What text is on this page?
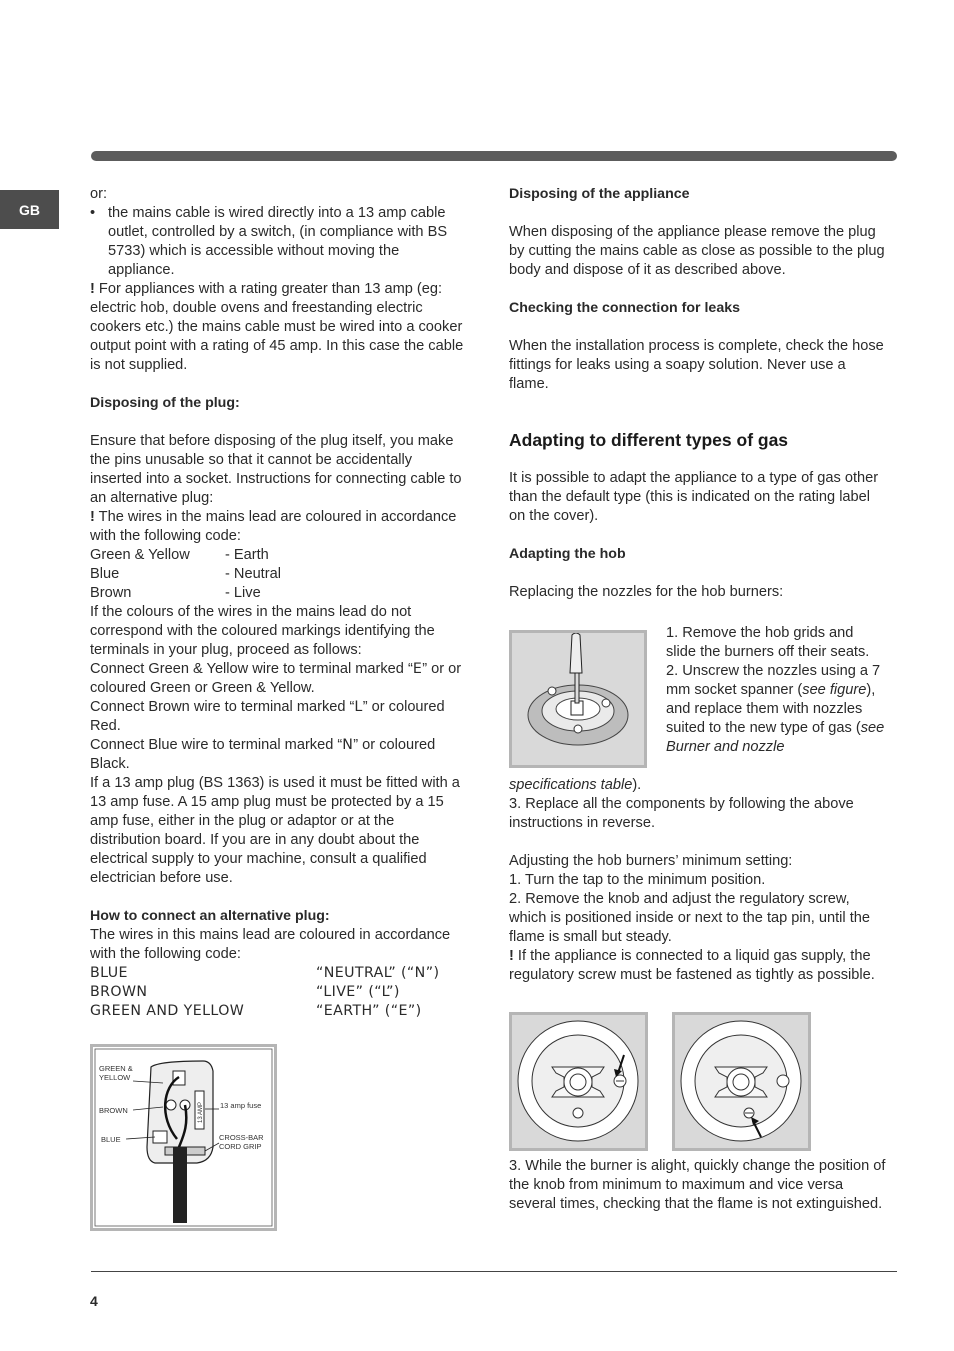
GB

or:

• the mains cable is wired directly into a 13 amp cable outlet, controlled by a switch, (in compliance with BS 5733) which is accessible without moving the appliance.

! For appliances with a rating greater than 13 amp (eg: electric hob, double ovens and freestanding electric cookers etc.) the mains cable must be wired into a cooker output point with a rating of 45 amp. In this case the cable is not supplied.

Disposing of the plug:

Ensure that before disposing of the plug itself, you make the pins unusable so that it cannot be accidentally inserted into a socket. Instructions for connecting cable to an alternative plug:

! The wires in the mains lead are coloured in accordance with the following code:

Green & Yellow	- Earth
Blue	- Neutral
Brown	- Live

If the colours of the wires in the mains lead do not correspond with the coloured markings identifying the terminals in your plug, proceed as follows:

Connect Green & Yellow wire to terminal marked “E” or or coloured Green or Green & Yellow.

Connect Brown wire to terminal marked “L” or coloured Red.

Connect Blue wire to terminal marked “N” or coloured Black.

If a 13 amp plug (BS 1363) is used it must be fitted with a 13 amp fuse. A 15 amp plug must be protected by a 15 amp fuse, either in the plug or adaptor or at the distribution board. If you are in any doubt about the electrical supply to your machine, consult a qualified electrician before use.

How to connect an alternative plug:

The wires in this mains lead are coloured in accordance with the following code:

BLUE	“NEUTRAL” (“N”)
BROWN	“LIVE” (“L”)
GREEN AND YELLOW	“EARTH” (“E”)
13 AMP
GREEN &
YELLOW
BROWN
BLUE
13 amp fuse
CROSS-BAR
CORD GRIP

Disposing of the appliance

When disposing of the appliance please remove the plug by cutting the mains cable as close as possible to the plug body and dispose of it as described above.

Checking the connection for leaks

When the installation process is complete, check the hose fittings for leaks using a soapy solution. Never use a flame.

Adapting to different types of gas

It is possible to adapt the appliance to a type of gas other than the default type (this is indicated on the rating label on the cover).

Adapting the hob

Replacing the nozzles for the hob burners:

1. Remove the hob grids and slide the burners off their seats.

2. Unscrew the nozzles using a 7 mm socket spanner (see figure), and replace them with nozzles suited to the new type of gas (see Burner and nozzle

specifications table).

3. Replace all the components by following the above instructions in reverse.

Adjusting the hob burners’ minimum setting:

1. Turn the tap to the minimum position.

2. Remove the knob and adjust the regulatory screw, which is positioned inside or next to the tap pin, until the flame is small but steady.

! If the appliance is connected to a liquid gas supply, the regulatory screw must be fastened as tightly as possible.

3. While the burner is alight, quickly change the position of the knob from minimum to maximum and vice versa several times, checking that the flame is not extinguished.
4
